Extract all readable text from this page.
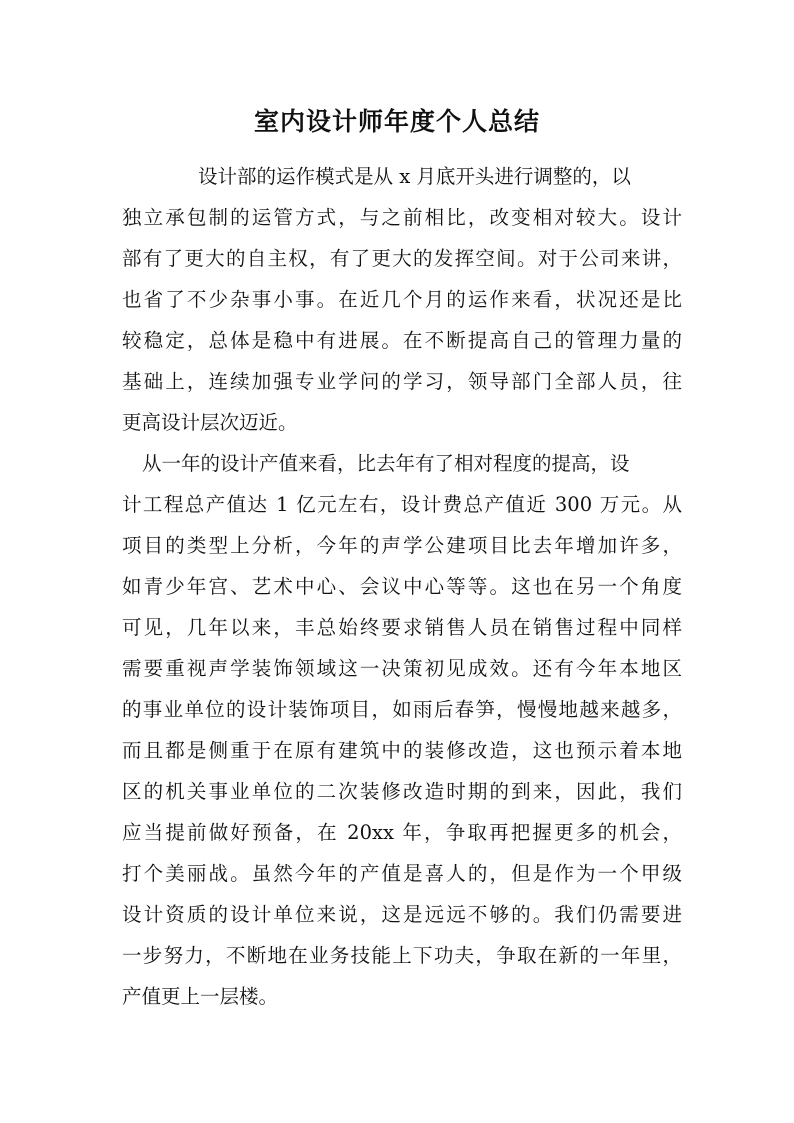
室内设计师年度个人总结

设计部的运作模式是从 x 月底开头进行调整的，以

独立承包制的运管方式，与之前相比，改变相对较大。设计

部有了更大的自主权，有了更大的发挥空间。对于公司来讲，

也省了不少杂事小事。在近几个月的运作来看，状况还是比

较稳定，总体是稳中有进展。在不断提高自己的管理力量的

基础上，连续加强专业学问的学习，领导部门全部人员，往

更高设计层次迈近。

从一年的设计产值来看，比去年有了相对程度的提高，设

计工程总产值达 1 亿元左右，设计费总产值近 300 万元。从

项目的类型上分析，今年的声学公建项目比去年增加许多，

如青少年宫、艺术中心、会议中心等等。这也在另一个角度

可见，几年以来，丰总始终要求销售人员在销售过程中同样

需要重视声学装饰领域这一决策初见成效。还有今年本地区

的事业单位的设计装饰项目，如雨后春笋，慢慢地越来越多，

而且都是侧重于在原有建筑中的装修改造，这也预示着本地

区的机关事业单位的二次装修改造时期的到来，因此，我们

应当提前做好预备，在 20xx 年，争取再把握更多的机会，

打个美丽战。虽然今年的产值是喜人的，但是作为一个甲级

设计资质的设计单位来说，这是远远不够的。我们仍需要进

一步努力，不断地在业务技能上下功夫，争取在新的一年里，

产值更上一层楼。
